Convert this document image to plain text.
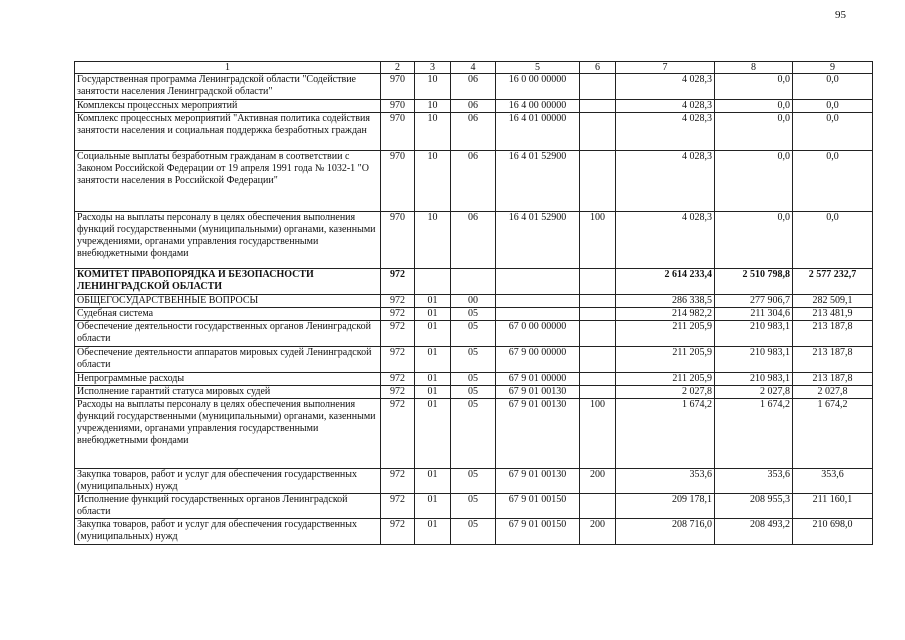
95
1	2	3	4	5	6	7	8	9
Государственная программа Ленинградской области "Содействие занятости населения Ленинградской области"	970	10	06	16 0 00 00000		4 028,3	0,0	0,0
Комплексы процессных мероприятий	970	10	06	16 4 00 00000		4 028,3	0,0	0,0
Комплекс процессных мероприятий "Активная политика содействия занятости населения и социальная поддержка безработных граждан	970	10	06	16 4 01 00000		4 028,3	0,0	0,0
Социальные выплаты безработным гражданам в соответствии с Законом Российской Федерации от 19 апреля 1991 года № 1032-1 "О занятости населения в Российской Федерации"	970	10	06	16 4 01 52900		4 028,3	0,0	0,0
Расходы на выплаты персоналу в целях обеспечения выполнения функций государственными (муниципальными) органами, казенными учреждениями, органами управления государственными внебюджетными фондами	970	10	06	16 4 01 52900	100	4 028,3	0,0	0,0
КОМИТЕТ ПРАВОПОРЯДКА И БЕЗОПАСНОСТИ ЛЕНИНГРАДСКОЙ ОБЛАСТИ	972					2 614 233,4	2 510 798,8	2 577 232,7
ОБЩЕГОСУДАРСТВЕННЫЕ ВОПРОСЫ	972	01	00			286 338,5	277 906,7	282 509,1
Судебная система	972	01	05			214 982,2	211 304,6	213 481,9
Обеспечение деятельности государственных органов Ленинградской области	972	01	05	67 0 00 00000		211 205,9	210 983,1	213 187,8
Обеспечение деятельности аппаратов мировых судей Ленинградской области	972	01	05	67 9 00 00000		211 205,9	210 983,1	213 187,8
Непрограммные расходы	972	01	05	67 9 01 00000		211 205,9	210 983,1	213 187,8
Исполнение гарантий статуса мировых судей	972	01	05	67 9 01 00130		2 027,8	2 027,8	2 027,8
Расходы на выплаты персоналу в целях обеспечения выполнения функций государственными (муниципальными) органами, казенными учреждениями, органами управления государственными внебюджетными фондами	972	01	05	67 9 01 00130	100	1 674,2	1 674,2	1 674,2
Закупка товаров, работ и услуг для обеспечения государственных (муниципальных) нужд	972	01	05	67 9 01 00130	200	353,6	353,6	353,6
Исполнение функций государственных органов Ленинградской области	972	01	05	67 9 01 00150		209 178,1	208 955,3	211 160,1
Закупка товаров, работ и услуг для обеспечения государственных (муниципальных) нужд	972	01	05	67 9 01 00150	200	208 716,0	208 493,2	210 698,0
